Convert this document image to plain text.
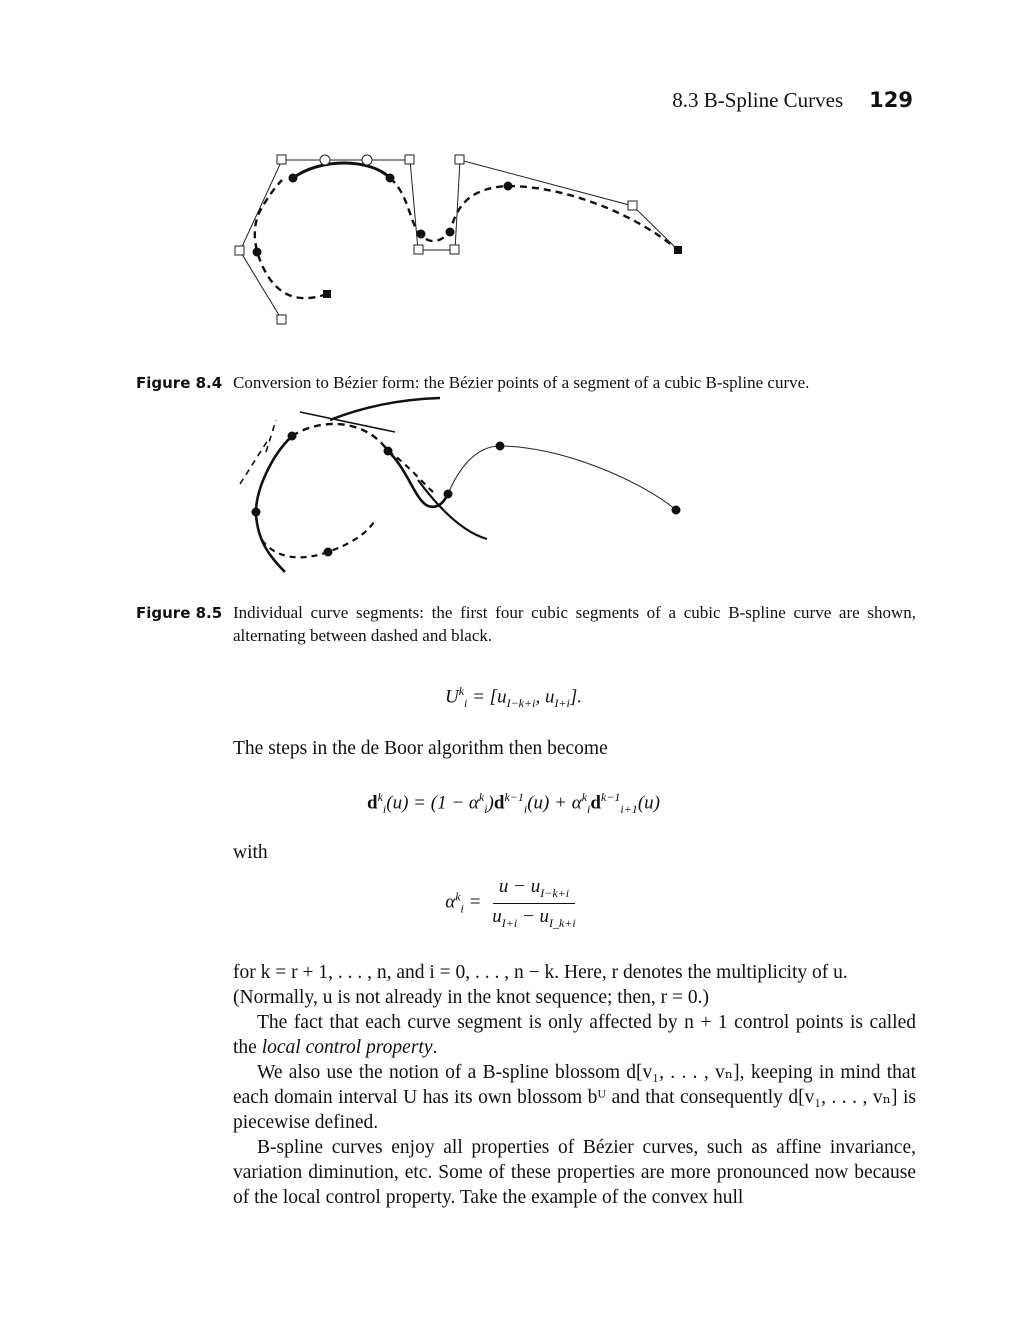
8.3 B-Spline Curves 129
Figure 8.4 Conversion to Bézier form: the Bézier points of a segment of a cubic B-spline curve.
Figure 8.5 Individual curve segments: the first four cubic segments of a cubic B-spline curve are shown, alternating between dashed and black.
$U^k_i = [u_{I-k+i}$, $u_{I+i}$].

The steps in the de Boor algorithm then become

$d^k_i(u) = (1 - \alpha^k_i)d^{k-1}_i(u) + \alpha^k_id^{k-1}_{i+1}(u)$

with

$\alpha^k_i = \frac{u - u_{I-k+i}}{u_{I+i} - u_{I\_k+i}}$

for k = r + 1, . . . , n, and i = 0, . . . , n − k. Here, r denotes the multiplicity of u.

(Normally, u is not already in the knot sequence; then, r = 0.)

The fact that each curve segment is only affected by n + 1 control points is called the local control property.

We also use the notion of a B-spline blossom d[v₁, . . . , vₙ], keeping in mind that each domain interval U has its own blossom bᵁ and that consequently d[v₁, . . . , vₙ] is piecewise defined.

B-spline curves enjoy all properties of Bézier curves, such as affine invariance, variation diminution, etc. Some of these properties are more pronounced now because of the local control property. Take the example of the convex hull
